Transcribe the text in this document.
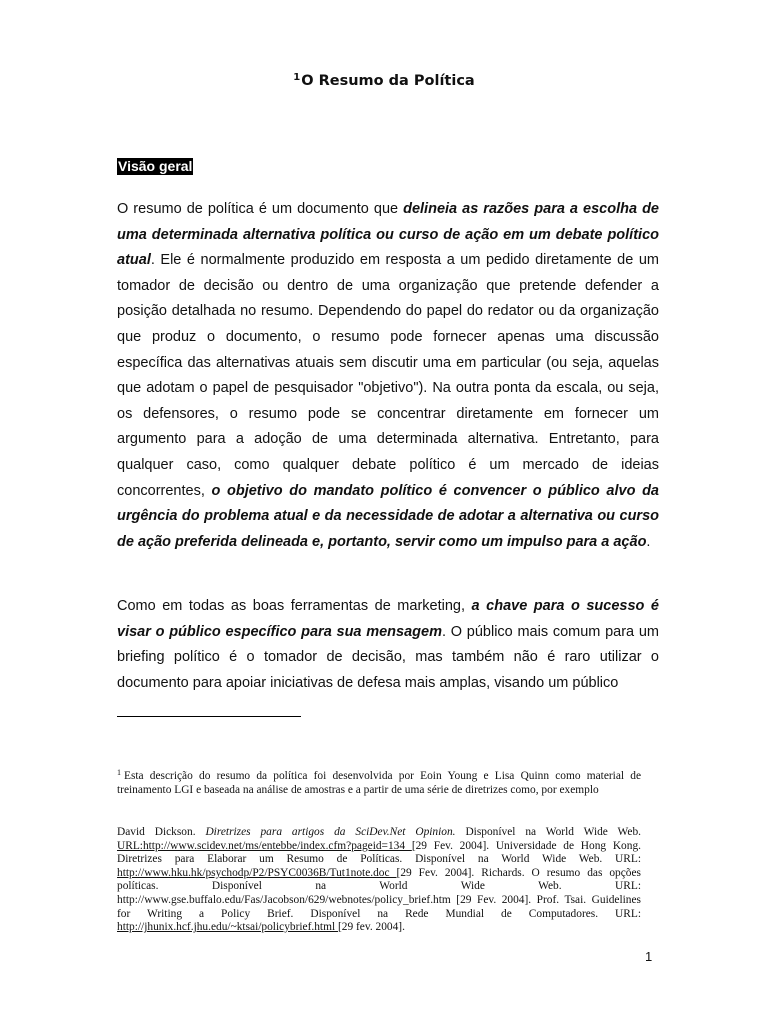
$^1$O Resumo da Política
Visão geral

O resumo de política é um documento que delineia as razões para a escolha de uma determinada alternativa política ou curso de ação em um debate político atual. Ele é normalmente produzido em resposta a um pedido diretamente de um tomador de decisão ou dentro de uma organização que pretende defender a posição detalhada no resumo. Dependendo do papel do redator ou da organização que produz o documento, o resumo pode fornecer apenas uma discussão específica das alternativas atuais sem discutir uma em particular (ou seja, aquelas que adotam o papel de pesquisador "objetivo"). Na outra ponta da escala, ou seja, os defensores, o resumo pode se concentrar diretamente em fornecer um argumento para a adoção de uma determinada alternativa. Entretanto, para qualquer caso, como qualquer debate político é um mercado de ideias concorrentes, o objetivo do mandato político é convencer o público alvo da urgência do problema atual e da necessidade de adotar a alternativa ou curso de ação preferida delineada e, portanto, servir como um impulso para a ação.

Como em todas as boas ferramentas de marketing, a chave para o sucesso é visar o público específico para sua mensagem. O público mais comum para um briefing político é o tomador de decisão, mas também não é raro utilizar o documento para apoiar iniciativas de defesa mais amplas, visando um público

$^1$ Esta descrição do resumo da política foi desenvolvida por Eoin Young e Lisa Quinn como material de treinamento LGI e baseada na análise de amostras e a partir de uma série de diretrizes como, por exemplo

David Dickson. Diretrizes para artigos da SciDev.Net Opinion. Disponível na World Wide Web. URL:http://www.scidev.net/ms/entebbe/index.cfm?pageid=134 [29 Fev. 2004]. Universidade de Hong Kong. Diretrizes para Elaborar um Resumo de Políticas. Disponível na World Wide Web. URL: http://www.hku.hk/psychodp/P2/PSYC0036B/Tut1note.doc [29 Fev. 2004]. Richards. O resumo das opções políticas. Disponível na World Wide Web. URL: http://www.gse.buffalo.edu/Fas/Jacobson/629/webnotes/policy_brief.htm [29 Fev. 2004]. Prof. Tsai. Guidelines for Writing a Policy Brief. Disponível na Rede Mundial de Computadores. URL: http://jhunix.hcf.jhu.edu/~ktsai/policybrief.html [29 fev. 2004].

1
